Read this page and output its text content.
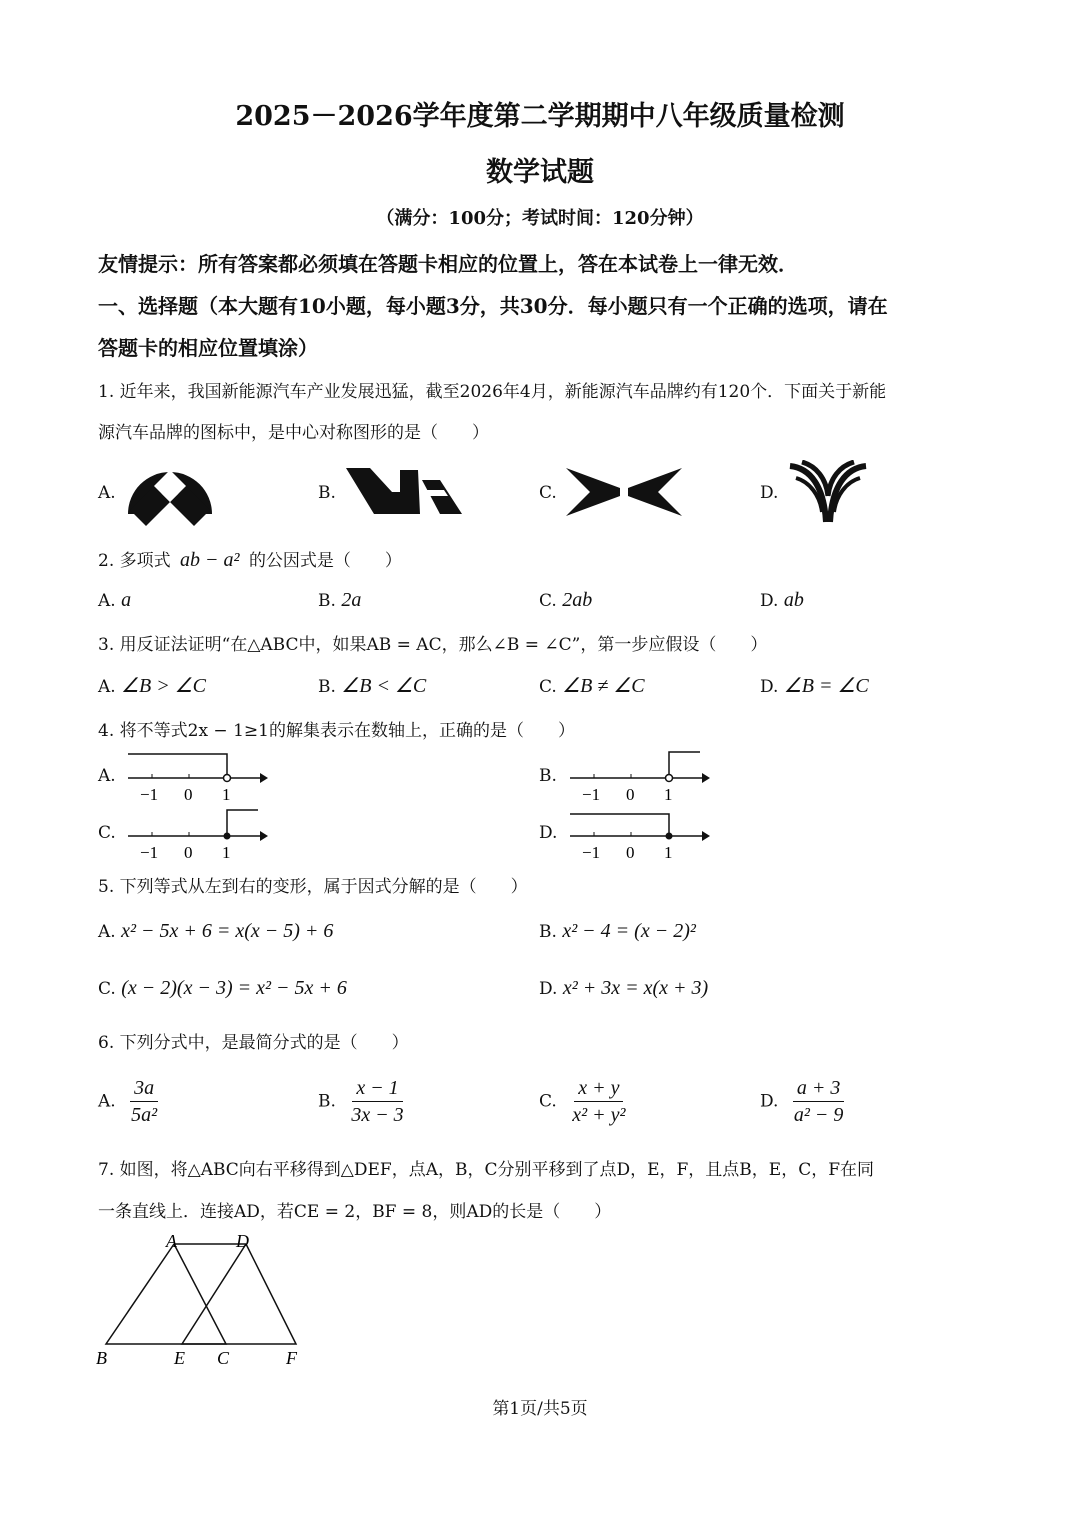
2025－2026学年度第二学期期中八年级质量检测
数学试题
（满分：100分；考试时间：120分钟）
友情提示：所有答案都必须填在答题卡相应的位置上，答在本试卷上一律无效．
一、选择题（本大题有10小题，每小题3分，共30分．每小题只有一个正确的选项，请在
答题卡的相应位置填涂）
1. 近年来，我国新能源汽车产业发展迅猛，截至2026年4月，新能源汽车品牌约有120个．下面关于新能
源汽车品牌的图标中，是中心对称图形的是（　　）
A.	B.	C.	D.
2. 多项式 ab − a² 的公因式是（　　）
A. a	B. 2a	C. 2ab	D. ab
3. 用反证法证明“在△ABC中，如果AB = AC，那么∠B = ∠C”，第一步应假设（　　）
A. ∠B > ∠C	B. ∠B < ∠C	C. ∠B ≠ ∠C	D. ∠B = ∠C
4. 将不等式2x − 1≥1的解集表示在数轴上，正确的是（　　）
A.
−1 0 1
B.
−1 0 1
C.
−1 0 1
D.
−1 0 1
5. 下列等式从左到右的变形，属于因式分解的是（　　）
A. x² − 5x + 6 = x(x − 5) + 6	B. x² − 4 = (x − 2)²
C. (x − 2)(x − 3) = x² − 5x + 6	D. x² + 3x = x(x + 3)
6. 下列分式中，是最简分式的是（　　）
A. $\frac{3a}{\text{5a²}}$	B. $\frac{x - 1}{3x - 3}$	C. $\frac{x + y}{\text{x² + y²}}$	D. $\frac{a + 3}{\text{a² − 9}}$
7. 如图，将△ABC向右平移得到△DEF，点A，B，C分别平移到了点D，E，F，且点B，E，C，F在同
一条直线上．连接AD，若CE = 2，BF = 8，则AD的长是（　　）
A	D
B	E C	F
第1页/共5页
